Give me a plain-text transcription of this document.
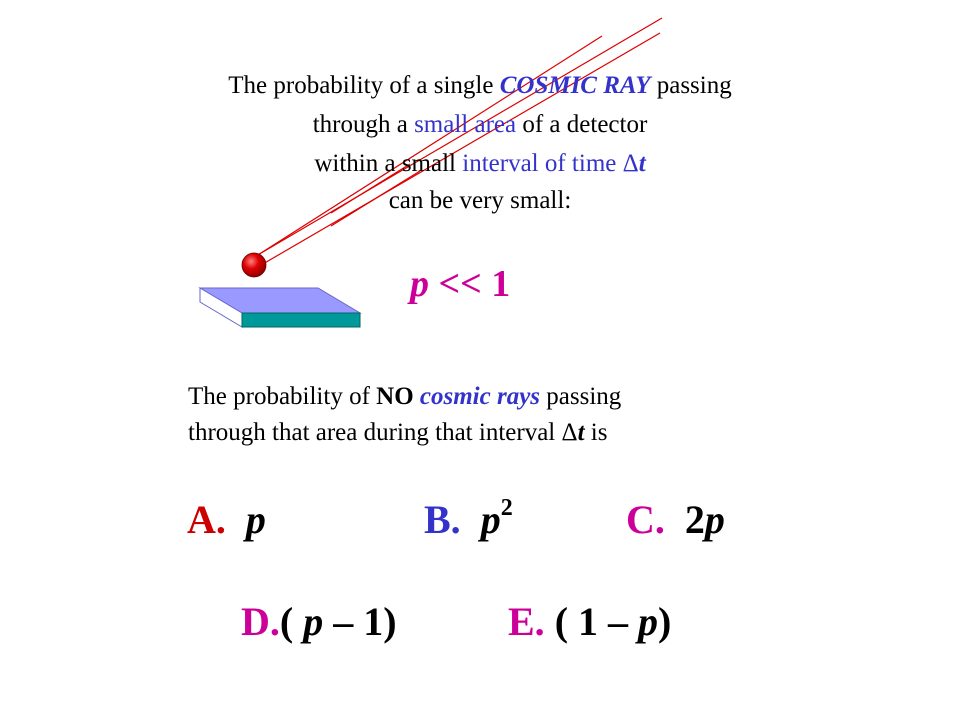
The probability of a single COSMIC RAY passing

through a small area of a detector

within a small interval of time Δt

can be very small:

p << 1

The probability of NO cosmic rays passing

through that area during that interval Δt is

A. p	B. $p^2$	C. 2p
D.( p – 1)	E. ( 1 – p)
